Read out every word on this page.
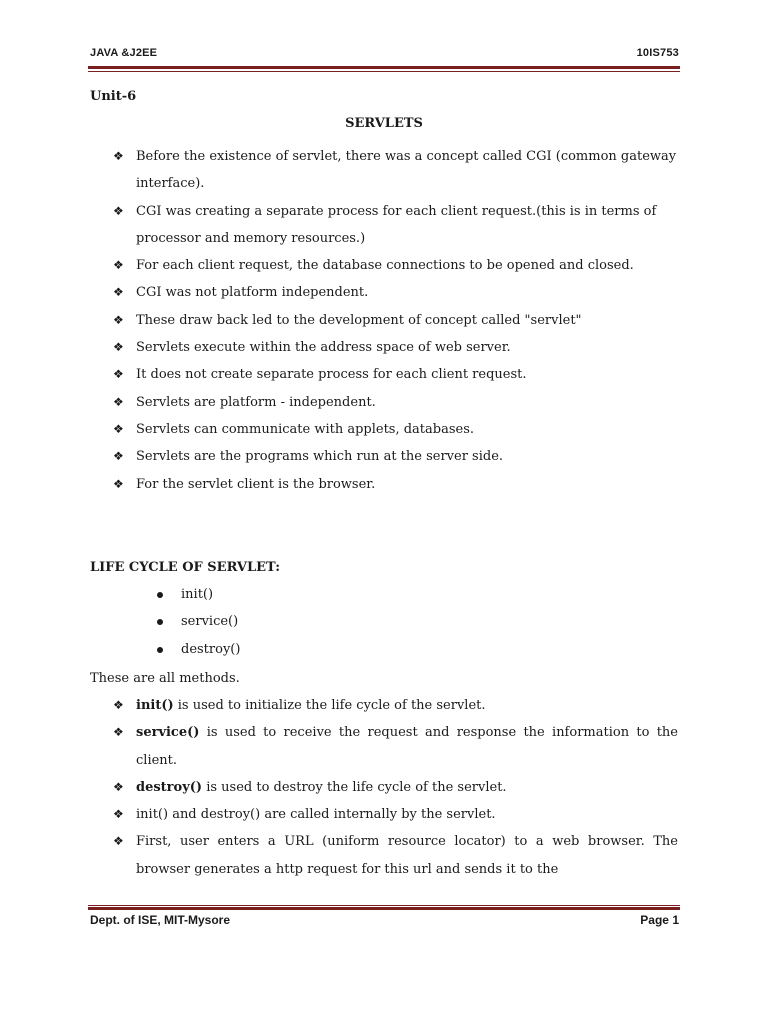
JAVA &J2EE	10IS753
Unit-6
SERVLETS
❖ Before the existence of servlet, there was a concept called CGI (common gateway interface).
❖ CGI was creating a separate process for each client request.(this is in terms of processor and memory resources.)
❖ For each client request, the database connections to be opened and closed.
❖ CGI was not platform independent.
❖ These draw back led to the development of concept called "servlet"
❖ Servlets execute within the address space of web server.
❖ It does not create separate process for each client request.
❖ Servlets are platform - independent.
❖ Servlets can communicate with applets, databases.
❖ Servlets are the programs which run at the server side.
❖ For the servlet client is the browser.
LIFE CYCLE OF SERVLET:
init()
service()
destroy()
These are all methods.
❖ init() is used to initialize the life cycle of the servlet.
❖ service() is used to receive the request and response the information to the client.
❖ destroy() is used to destroy the life cycle of the servlet.
❖ init() and destroy() are called internally by the servlet.
❖ First, user enters a URL (uniform resource locator) to a web browser. The browser generates a http request for this url and sends it to the
Dept. of ISE, MIT-Mysore	Page 1
